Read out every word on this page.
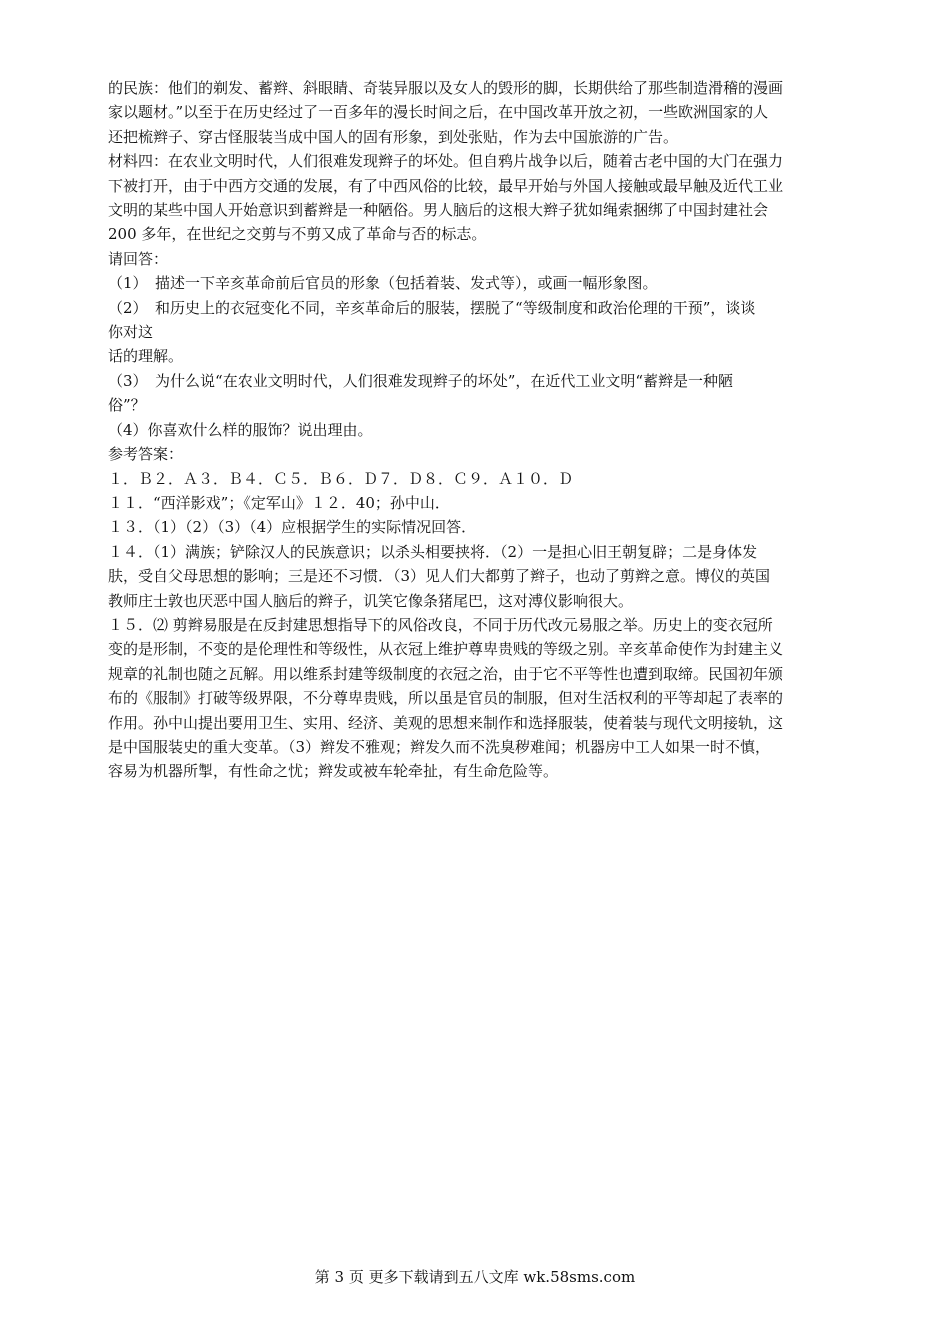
的民族：他们的剃发、蓄辫、斜眼睛、奇装异服以及女人的毁形的脚，长期供给了那些制造滑稽的漫画
家以题材。”以至于在历史经过了一百多年的漫长时间之后，在中国改革开放之初，一些欧洲国家的人
还把梳辫子、穿古怪服装当成中国人的固有形象，到处张贴，作为去中国旅游的广告。
材料四：在农业文明时代，人们很难发现辫子的坏处。但自鸦片战争以后，随着古老中国的大门在强力
下被打开，由于中西方交通的发展，有了中西风俗的比较，最早开始与外国人接触或最早触及近代工业
文明的某些中国人开始意识到蓄辫是一种陋俗。男人脑后的这根大辫子犹如绳索捆绑了中国封建社会
200 多年，在世纪之交剪与不剪又成了革命与否的标志。
请回答：
（1）　描述一下辛亥革命前后官员的形象（包括着装、发式等），或画一幅形象图。
（2）　和历史上的衣冠变化不同，辛亥革命后的服装，摆脱了“等级制度和政治伦理的干预”，谈谈
你对这
话的理解。
（3）　为什么说“在农业文明时代，人们很难发现辫子的坏处”，在近代工业文明“蓄辫是一种陋
俗”？
（4）你喜欢什么样的服饰？说出理由。
参考答案：
１．Ｂ２．Ａ３．Ｂ４．Ｃ５．Ｂ６．Ｄ７．Ｄ８．Ｃ９．Ａ１０．Ｄ
１１．“西洋影戏”；《定军山》１２．40；孙中山．
１３．（1）（2）（3）（4）应根据学生的实际情况回答．
１４．（1）满族；铲除汉人的民族意识；以杀头相要挟将．（2）一是担心旧王朝复辟；二是身体发
肤，受自父母思想的影响；三是还不习惯．（3）见人们大都剪了辫子，也动了剪辫之意。博仪的英国
教师庄士敦也厌恶中国人脑后的辫子，讥笑它像条猪尾巴，这对溥仪影响很大。
１５．⑵ 剪辫易服是在反封建思想指导下的风俗改良，不同于历代改元易服之举。历史上的变衣冠所
变的是形制，不变的是伦理性和等级性，从衣冠上维护尊卑贵贱的等级之别。辛亥革命使作为封建主义
规章的礼制也随之瓦解。用以维系封建等级制度的衣冠之治，由于它不平等性也遭到取缔。民国初年颁
布的《服制》打破等级界限，不分尊卑贵贱，所以虽是官员的制服，但对生活权利的平等却起了表率的
作用。孙中山提出要用卫生、实用、经济、美观的思想来制作和选择服装，使着装与现代文明接轨，这
是中国服装史的重大变革。（3）辫发不雅观；辫发久而不洗臭秽难闻；机器房中工人如果一时不慎，
容易为机器所掣，有性命之忧；辫发或被车轮牵扯，有生命危险等。
第 3 页 更多下载请到五八文库 wk.58sms.com
